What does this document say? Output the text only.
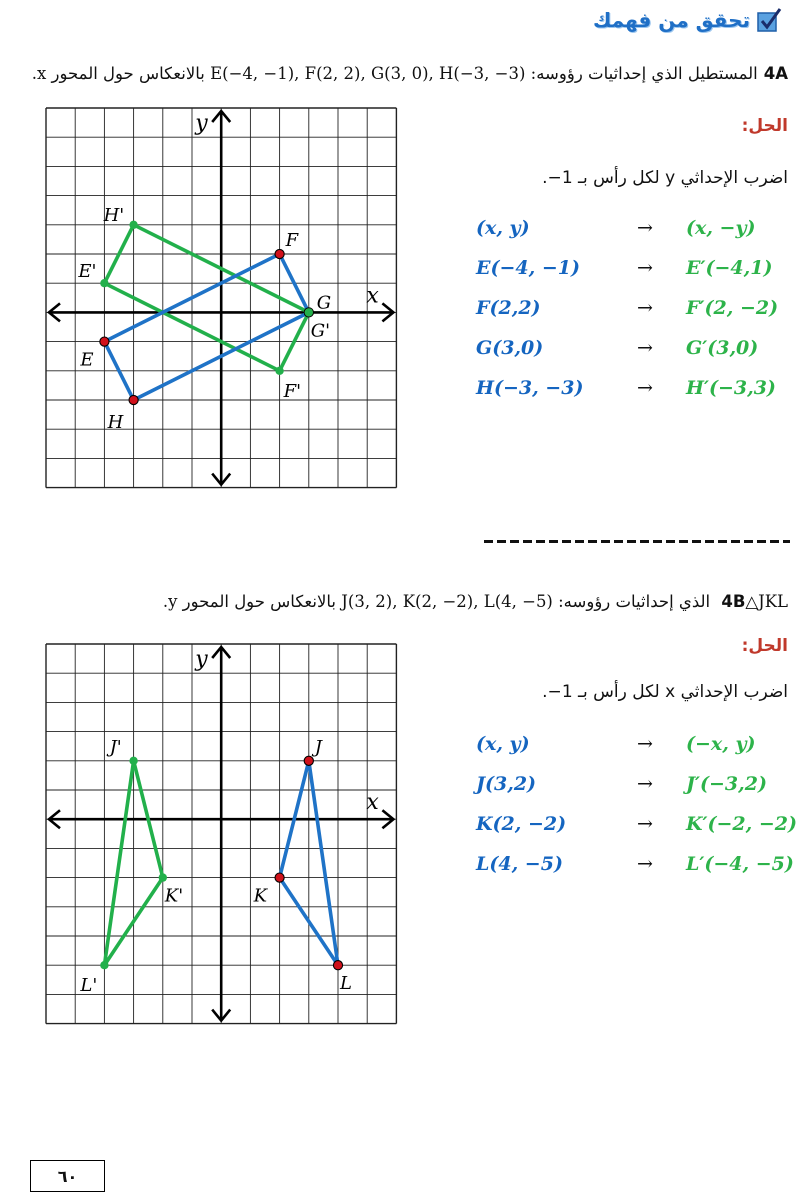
تحقق من فهمك
4Aالمستطيل الذي إحداثيات رؤوسه: E(−4, −1), F(2, 2), G(3, 0), H(−3, −3) بالانعكاس حول المحور x.
الحل:
اضرب الإحداثي y لكل رأس بـ 1−.
(x, y)	→	(x, −y)
E(−4, −1)	→	E′(−4,1)
F(2,2)	→	F′(2, −2)
G(3,0)	→	G′(3,0)
H(−3, −3)	→	H′(−3,3)
x
y
E
F
G
H
E'
F'
G'
H'
4B△JKL الذي إحداثيات رؤوسه: J(3, 2), K(2, −2), L(4, −5) بالانعكاس حول المحور y.
الحل:
اضرب الإحداثي x لكل رأس بـ 1−.
(x, y)	→	(−x, y)
J(3,2)	→	J′(−3,2)
K(2, −2)	→	K′(−2, −2)
L(4, −5)	→	L′(−4, −5)
x
y
J
K
L
J'
K'
L'
٦٠
